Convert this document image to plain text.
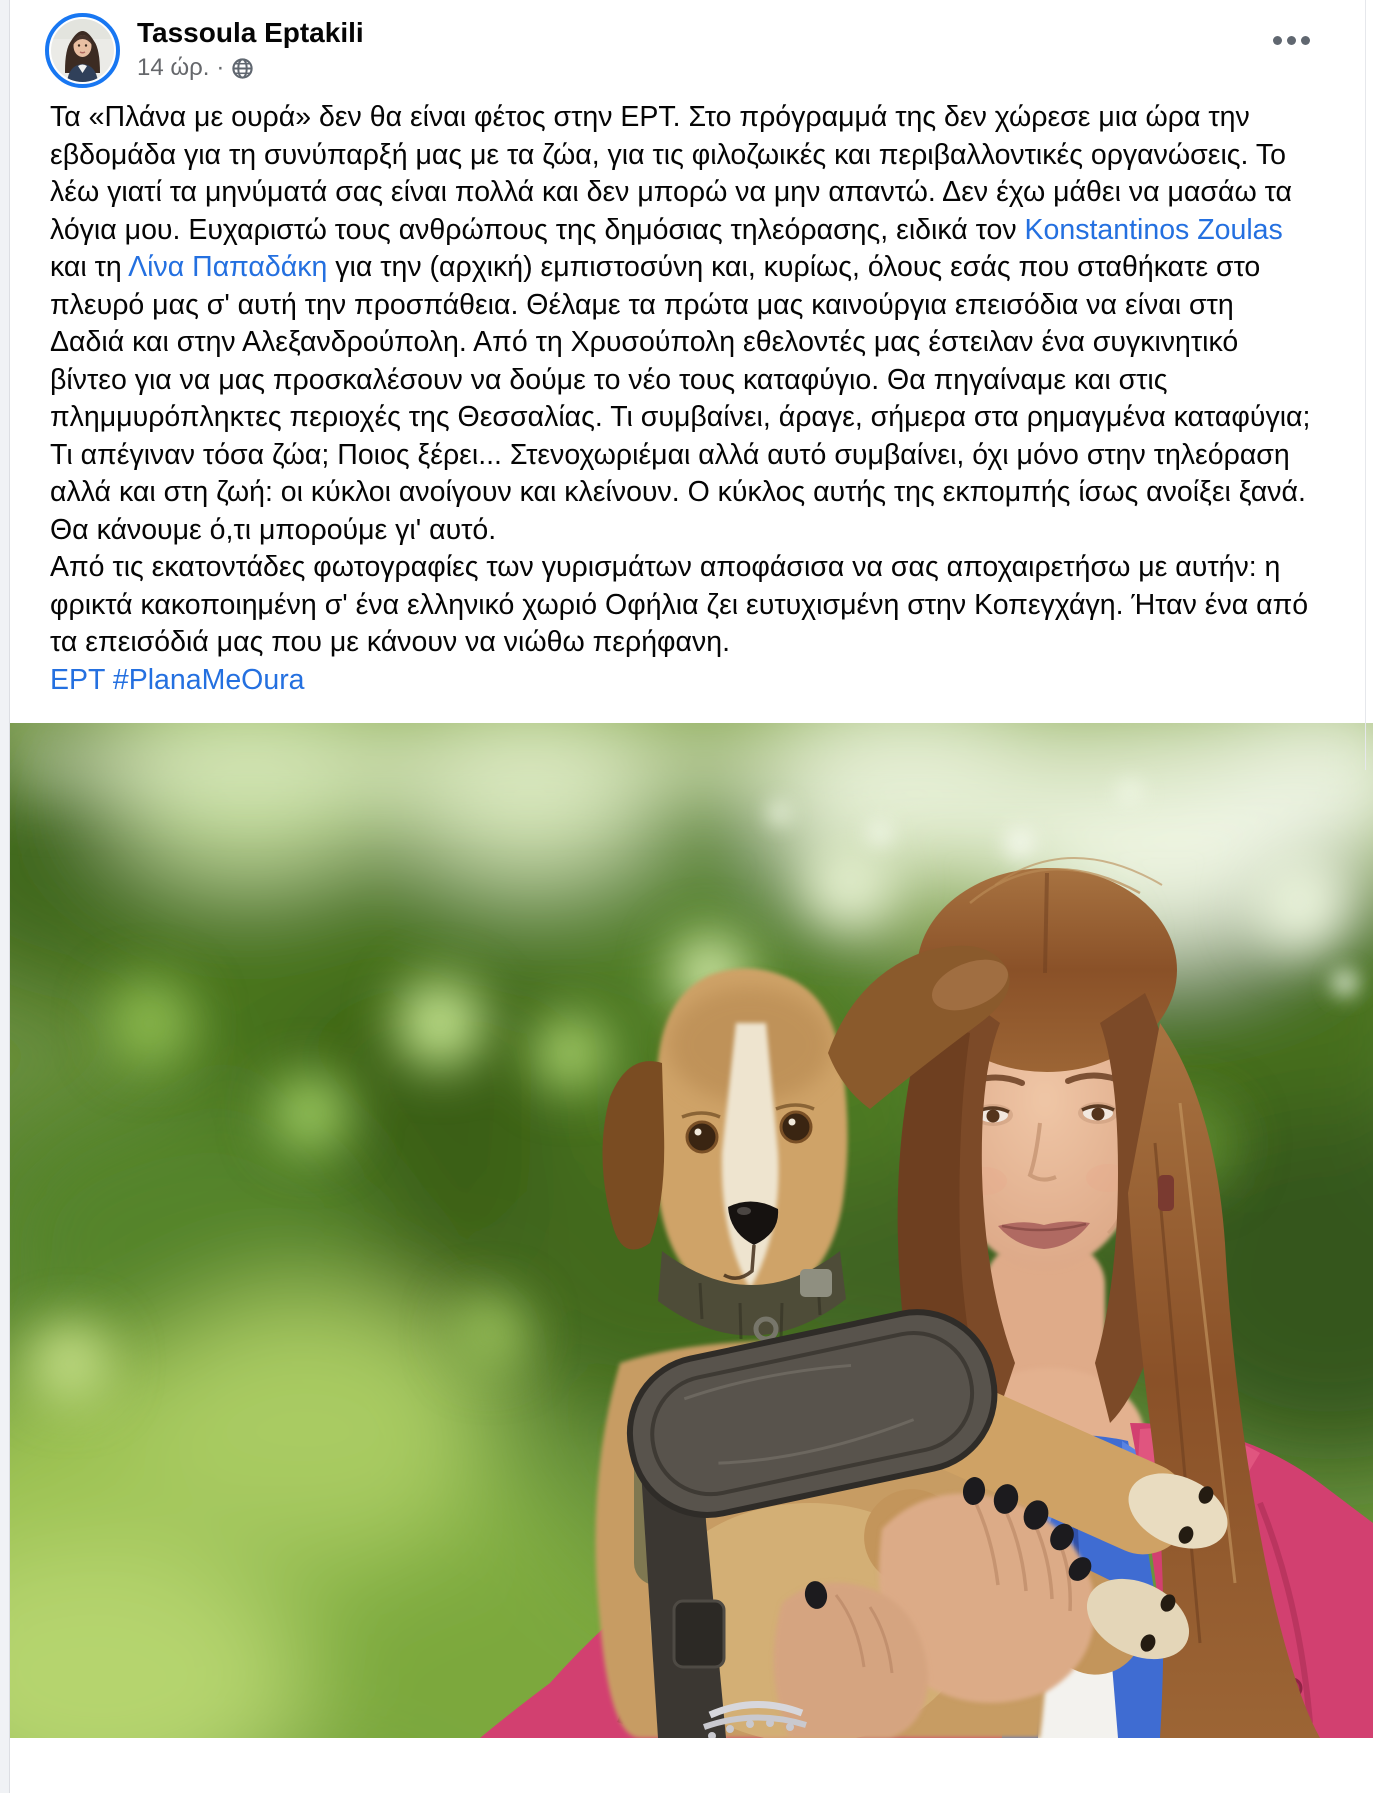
Tassoula Eptakili
14 ώρ. ·

Τα «Πλάνα με ουρά» δεν θα είναι φέτος στην ΕΡΤ. Στο πρόγραμμά της δεν χώρεσε μια ώρα την εβδομάδα για τη συνύπαρξή μας με τα ζώα, για τις φιλοζωικές και περιβαλλοντικές οργανώσεις. Το λέω γιατί τα μηνύματά σας είναι πολλά και δεν μπορώ να μην απαντώ. Δεν έχω μάθει να μασάω τα λόγια μου. Ευχαριστώ τους ανθρώπους της δημόσιας τηλεόρασης, ειδικά τον Konstantinos Zoulas και τη Λίνα Παπαδάκη για την (αρχική) εμπιστοσύνη και, κυρίως, όλους εσάς που σταθήκατε στο πλευρό μας σ' αυτή την προσπάθεια. Θέλαμε τα πρώτα μας καινούργια επεισόδια να είναι στη Δαδιά και στην Αλεξανδρούπολη. Από τη Χρυσούπολη εθελοντές μας έστειλαν ένα συγκινητικό βίντεο για να μας προσκαλέσουν να δούμε το νέο τους καταφύγιο. Θα πηγαίναμε και στις πλημμυρόπληκτες περιοχές της Θεσσαλίας. Τι συμβαίνει, άραγε, σήμερα στα ρημαγμένα καταφύγια; Τι απέγιναν τόσα ζώα; Ποιος ξέρει... Στενοχωριέμαι αλλά αυτό συμβαίνει, όχι μόνο στην τηλεόραση αλλά και στη ζωή: οι κύκλοι ανοίγουν και κλείνουν. Ο κύκλος αυτής της εκπομπής ίσως ανοίξει ξανά. Θα κάνουμε ό,τι μπορούμε γι' αυτό.

Από τις εκατοντάδες φωτογραφίες των γυρισμάτων αποφάσισα να σας αποχαιρετήσω με αυτήν: η φρικτά κακοποιημένη σ' ένα ελληνικό χωριό Οφήλια ζει ευτυχισμένη στην Κοπεγχάγη. Ήταν ένα από τα επεισόδιά μας που με κάνουν να νιώθω περήφανη.

ΕΡΤ #PlanaMeOura
